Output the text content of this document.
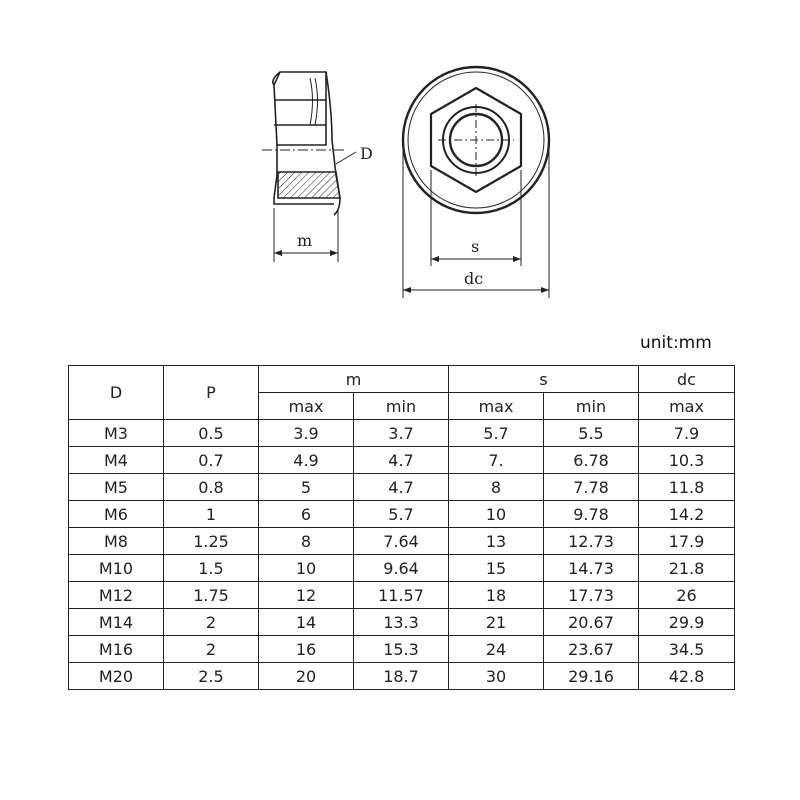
D
m	s
dc
unit:mm
D	P	m		s		dc
		max	min	max	min	max
M3	0.5	3.9	3.7	5.7	5.5	7.9
M4	0.7	4.9	4.7	7.	6.78	10.3
M5	0.8	5	4.7	8	7.78	11.8
M6	1	6	5.7	10	9.78	14.2
M8	1.25	8	7.64	13	12.73	17.9
M10	1.5	10	9.64	15	14.73	21.8
M12	1.75	12	11.57	18	17.73	26
M14	2	14	13.3	21	20.67	29.9
M16	2	16	15.3	24	23.67	34.5
M20	2.5	20	18.7	30	29.16	42.8
